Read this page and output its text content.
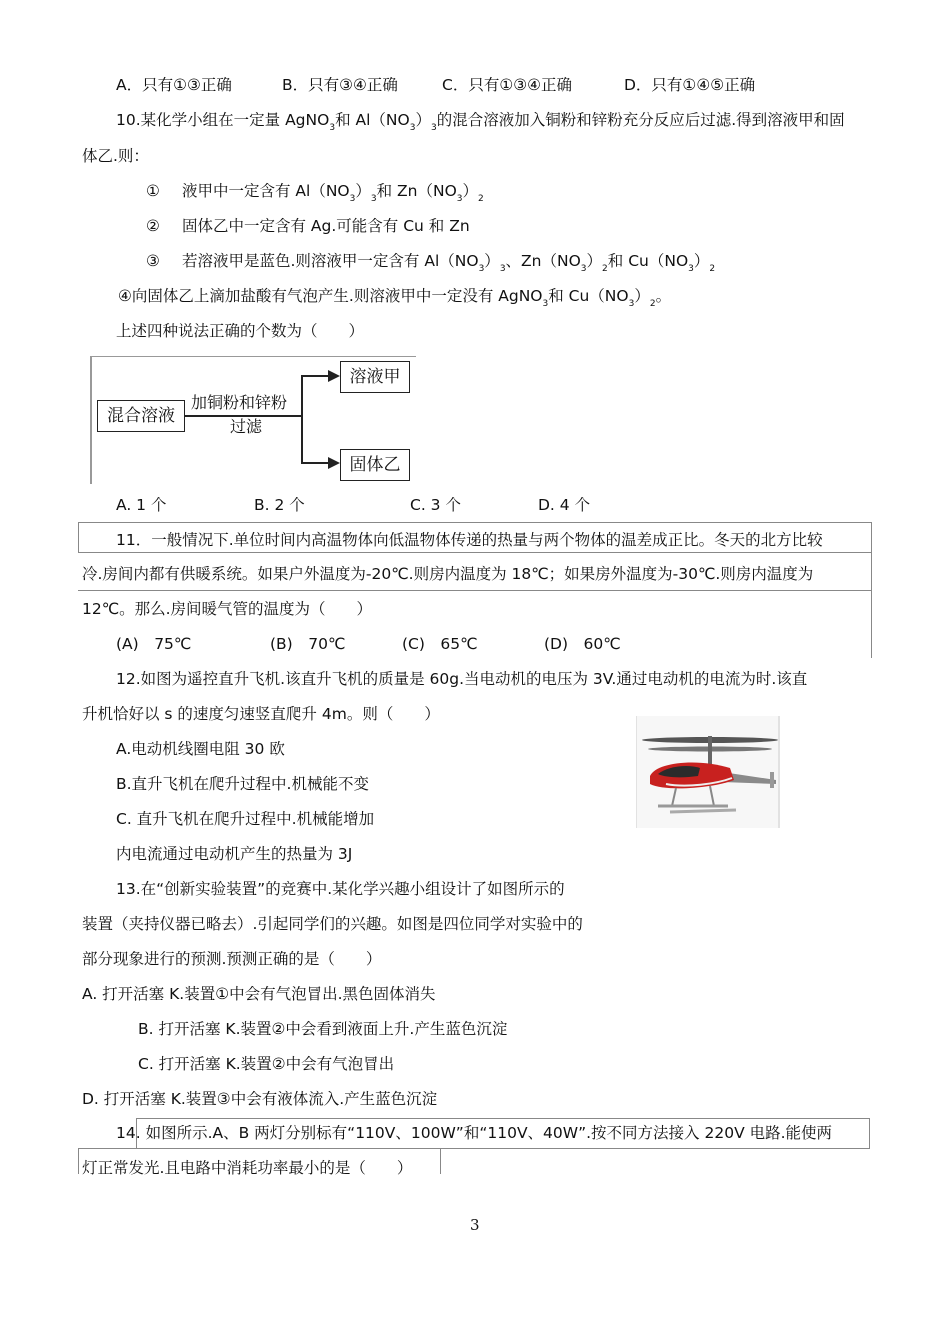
A．只有①③正确	B．只有③④正确	C．只有①③④正确	D．只有①④⑤正确
10.某化学小组在一定量 AgNO$_3$和 $Al(NO_3)_3$的混合溶液加入铜粉和锌粉充分反应后过滤.得到溶液甲和固
体乙.则：
① 液甲中一定含有 $Al(NO_3)_3$和 $Zn(NO_3)_2$
② 固体乙中一定含有 Ag.可能含有 Cu 和 Zn
③ 若溶液甲是蓝色.则溶液甲一定含有 $Al(NO_3)_3$、$Zn(NO_3)_2$和 $Cu(NO_3)_2$
④向固体乙上滴加盐酸有气泡产生.则溶液甲中一定没有 AgNO$_3$和 $Cu(NO_3)_2$。
上述四种说法正确的个数为（　　）
混合溶液
加铜粉和锌粉
过滤
溶液甲
固体乙
A. 1 个	B. 2 个	C. 3 个	D. 4 个
11．一般情况下.单位时间内高温物体向低温物体传递的热量与两个物体的温差成正比。冬天的北方比较
冷.房间内都有供暖系统。如果户外温度为-20℃.则房内温度为 18℃；如果房外温度为-30℃.则房内温度为
12℃。那么.房间暖气管的温度为（　　）
(A)　75℃	(B)　70℃	(C)　65℃	(D)　60℃
12.如图为遥控直升飞机.该直升飞机的质量是 60g.当电动机的电压为 3V.通过电动机的电流为时.该直
升机恰好以 s 的速度匀速竖直爬升 4m。则（　　）
A.电动机线圈电阻 30 欧
B.直升飞机在爬升过程中.机械能不变
C. 直升飞机在爬升过程中.机械能增加
内电流通过电动机产生的热量为 3J
13.在“创新实验装置”的竞赛中.某化学兴趣小组设计了如图所示的
装置（夹持仪器已略去）.引起同学们的兴趣。如图是四位同学对实验中的
部分现象进行的预测.预测正确的是（　　）
A. 打开活塞 K.装置①中会有气泡冒出.黑色固体消失
B. 打开活塞 K.装置②中会看到液面上升.产生蓝色沉淀
C. 打开活塞 K.装置②中会有气泡冒出
D. 打开活塞 K.装置③中会有液体流入.产生蓝色沉淀
14. 如图所示.A、B 两灯分别标有“110V、100W”和“110V、40W”.按不同方法接入 220V 电路.能使两
灯正常发光.且电路中消耗功率最小的是（　　）
3
